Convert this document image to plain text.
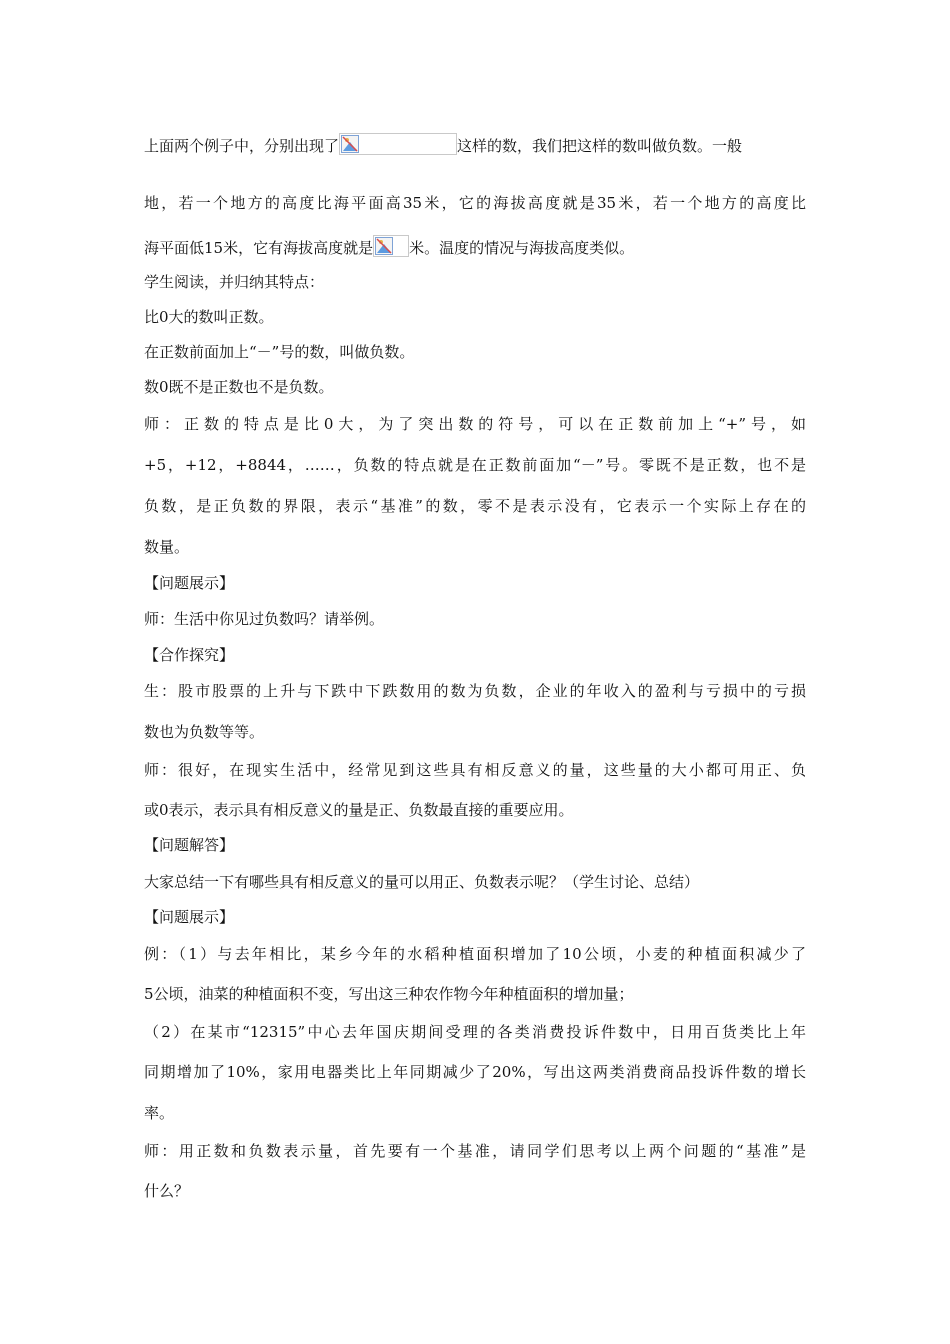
上面两个例子中，分别出现了	这样的数，我们把这样的数叫做负数。一般
地，若一个地方的高度比海平面高35米，它的海拔高度就是35米，若一个地方的高度比
海平面低15米，它有海拔高度就是 米。温度的情况与海拔高度类似。
学生阅读，并归纳其特点：
比0大的数叫正数。
在正数前面加上“－”号的数，叫做负数。
数0既不是正数也不是负数。
师：正数的特点是比0大，为了突出数的符号，可以在正数前加上“+”号，如
+5，+12，+8844，……，负数的特点就是在正数前面加“－”号。零既不是正数，也不是
负数，是正负数的界限，表示“基准”的数，零不是表示没有，它表示一个实际上存在的
数量。
【问题展示】
师：生活中你见过负数吗？请举例。
【合作探究】
生：股市股票的上升与下跌中下跌数用的数为负数，企业的年收入的盈利与亏损中的亏损
数也为负数等等。
师：很好，在现实生活中，经常见到这些具有相反意义的量，这些量的大小都可用正、负
或0表示，表示具有相反意义的量是正、负数最直接的重要应用。
【问题解答】
大家总结一下有哪些具有相反意义的量可以用正、负数表示呢？（学生讨论、总结）
【问题展示】
例：（1）与去年相比，某乡今年的水稻种植面积增加了10公顷，小麦的种植面积减少了
5公顷，油菜的种植面积不变，写出这三种农作物今年种植面积的增加量；
（2）在某市“12315”中心去年国庆期间受理的各类消费投诉件数中，日用百货类比上年
同期增加了10%，家用电器类比上年同期减少了20%，写出这两类消费商品投诉件数的增长
率。
师：用正数和负数表示量，首先要有一个基准，请同学们思考以上两个问题的“基准”是
什么？
